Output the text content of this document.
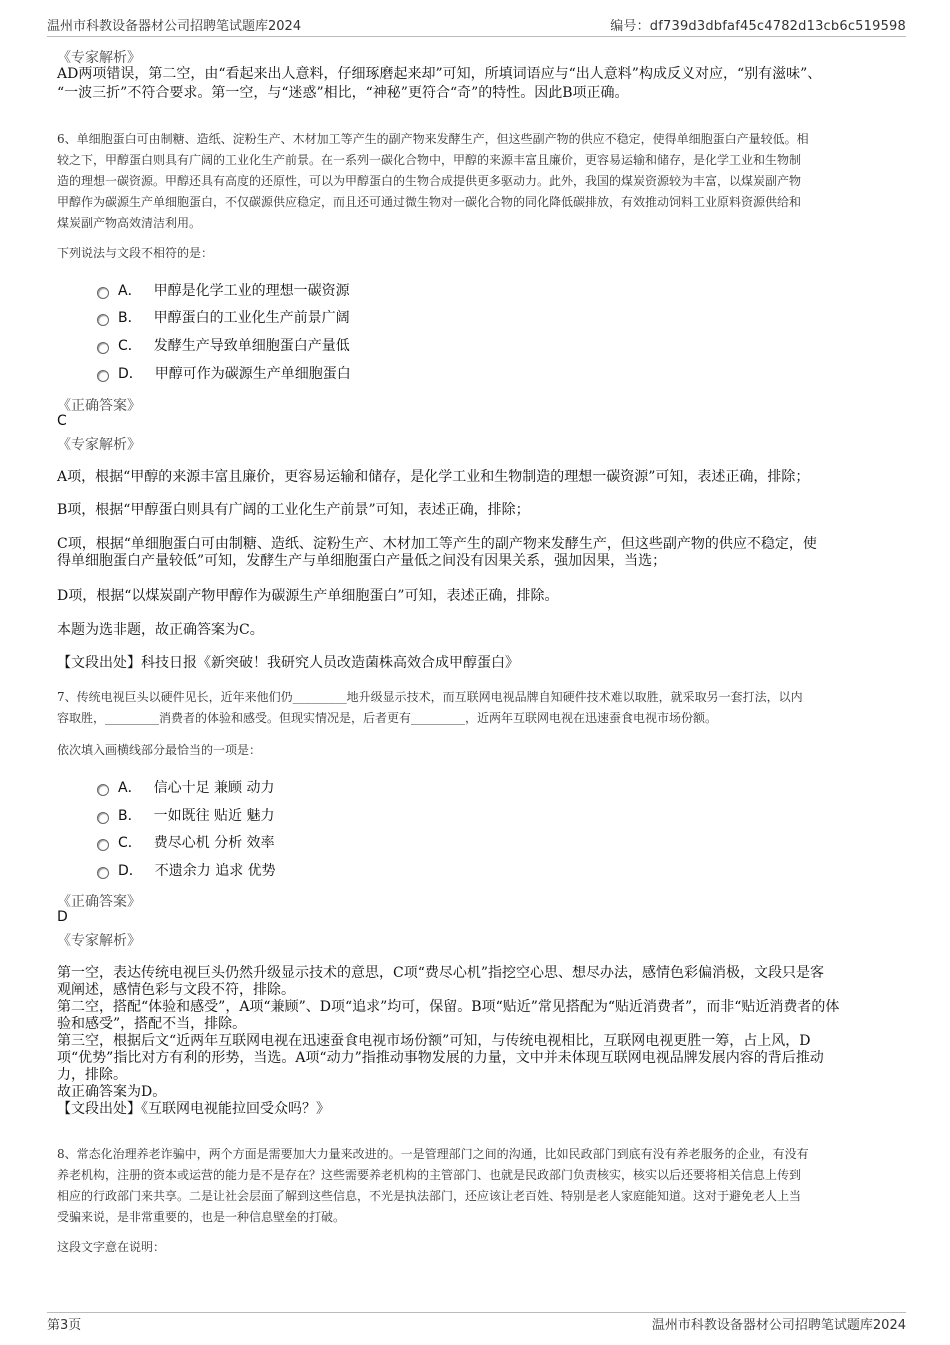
温州市科教设备器材公司招聘笔试题库2024	编号：df739d3dbfaf45c4782d13cb6c519598
《专家解析》

AD两项错误，第二空，由“看起来出人意料，仔细琢磨起来却”可知，所填词语应与“出人意料”构成反义对应，“别有滋味”、

“一波三折”不符合要求。第一空，与“迷惑”相比，“神秘”更符合“奇”的特性。因此B项正确。

6、单细胞蛋白可由制糖、造纸、淀粉生产、木材加工等产生的副产物来发酵生产，但这些副产物的供应不稳定，使得单细胞蛋白产量较低。相

较之下，甲醇蛋白则具有广阔的工业化生产前景。在一系列一碳化合物中，甲醇的来源丰富且廉价，更容易运输和储存，是化学工业和生物制

造的理想一碳资源。甲醇还具有高度的还原性，可以为甲醇蛋白的生物合成提供更多驱动力。此外，我国的煤炭资源较为丰富，以煤炭副产物

甲醇作为碳源生产单细胞蛋白，不仅碳源供应稳定，而且还可通过微生物对一碳化合物的同化降低碳排放，有效推动饲料工业原料资源供给和

煤炭副产物高效清洁利用。

下列说法与文段不相符的是：
A． 甲醇是化学工业的理想一碳资源
B． 甲醇蛋白的工业化生产前景广阔
C． 发酵生产导致单细胞蛋白产量低
D． 甲醇可作为碳源生产单细胞蛋白
《正确答案》
C
《专家解析》

A项，根据“甲醇的来源丰富且廉价，更容易运输和储存，是化学工业和生物制造的理想一碳资源”可知，表述正确，排除；

B项，根据“甲醇蛋白则具有广阔的工业化生产前景”可知，表述正确，排除；

C项，根据“单细胞蛋白可由制糖、造纸、淀粉生产、木材加工等产生的副产物来发酵生产，但这些副产物的供应不稳定，使

得单细胞蛋白产量较低”可知，发酵生产与单细胞蛋白产量低之间没有因果关系，强加因果，当选；

D项，根据“以煤炭副产物甲醇作为碳源生产单细胞蛋白”可知，表述正确，排除。

本题为选非题，故正确答案为C。

【文段出处】科技日报《新突破！我研究人员改造菌株高效合成甲醇蛋白》

7、传统电视巨头以硬件见长，近年来他们仍_________地升级显示技术，而互联网电视品牌自知硬件技术难以取胜，就采取另一套打法，以内

容取胜，_________消费者的体验和感受。但现实情况是，后者更有_________，近两年互联网电视在迅速蚕食电视市场份额。

依次填入画横线部分最恰当的一项是：
A． 信心十足 兼顾 动力
B． 一如既往 贴近 魅力
C． 费尽心机 分析 效率
D． 不遗余力 追求 优势
《正确答案》
D
《专家解析》

第一空，表达传统电视巨头仍然升级显示技术的意思，C项“费尽心机”指挖空心思、想尽办法，感情色彩偏消极，文段只是客

观阐述，感情色彩与文段不符，排除。

第二空，搭配“体验和感受”，A项“兼顾”、D项“追求”均可，保留。B项“贴近”常见搭配为“贴近消费者”，而非“贴近消费者的体

验和感受”，搭配不当，排除。

第三空，根据后文“近两年互联网电视在迅速蚕食电视市场份额”可知，与传统电视相比，互联网电视更胜一筹，占上风，D

项“优势”指比对方有利的形势，当选。A项“动力”指推动事物发展的力量，文中并未体现互联网电视品牌发展内容的背后推动

力，排除。

故正确答案为D。

【文段出处】《互联网电视能拉回受众吗？》

8、常态化治理养老诈骗中，两个方面是需要加大力量来改进的。一是管理部门之间的沟通，比如民政部门到底有没有养老服务的企业，有没有

养老机构，注册的资本或运营的能力是不是存在？这些需要养老机构的主管部门、也就是民政部门负责核实，核实以后还要将相关信息上传到

相应的行政部门来共享。二是让社会层面了解到这些信息，不光是执法部门，还应该让老百姓、特别是老人家庭能知道。这对于避免老人上当

受骗来说，是非常重要的，也是一种信息壁垒的打破。

这段文字意在说明：
第3页	温州市科教设备器材公司招聘笔试题库2024
